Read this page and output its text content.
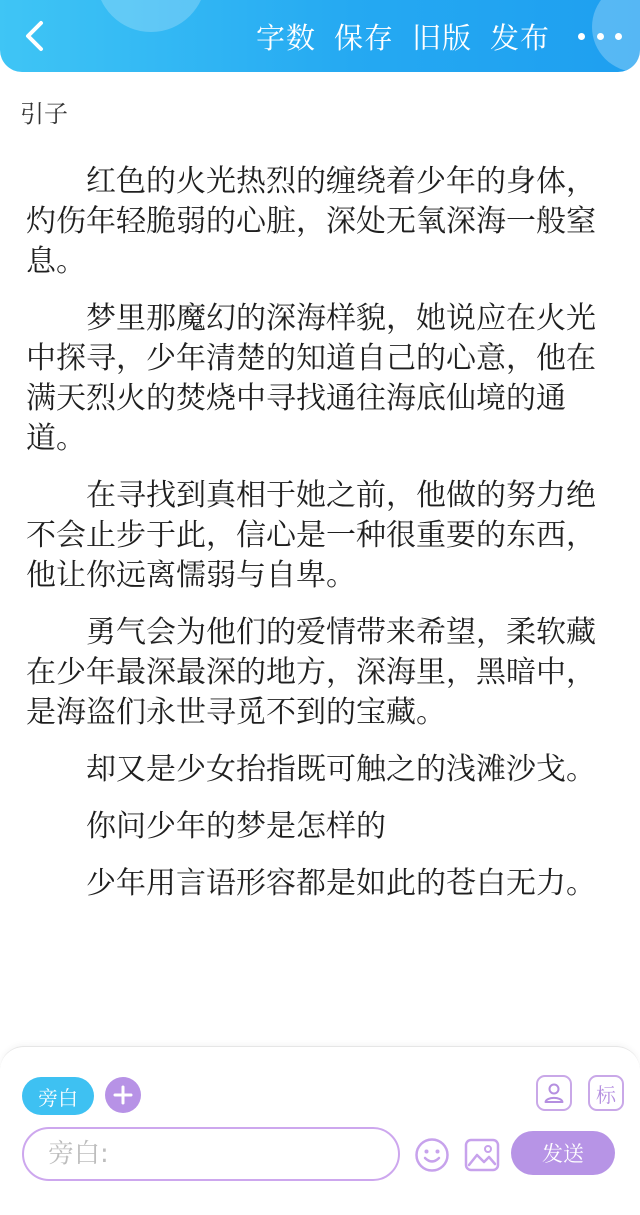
字数 保存 旧版 发布
引子

红色的火光热烈的缠绕着少年的身体，灼伤年轻脆弱的心脏，深处无氧深海一般窒息。

梦里那魔幻的深海样貌，她说应在火光中探寻，少年清楚的知道自己的心意，他在满天烈火的焚烧中寻找通往海底仙境的通道。

在寻找到真相于她之前，他做的努力绝不会止步于此，信心是一种很重要的东西，他让你远离懦弱与自卑。

勇气会为他们的爱情带来希望，柔软藏在少年最深最深的地方，深海里，黑暗中，是海盗们永世寻觅不到的宝藏。

却又是少女抬指既可触之的浅滩沙戈。

你问少年的梦是怎样的

少年用言语形容都是如此的苍白无力。

旁白	标
旁白:
发送
